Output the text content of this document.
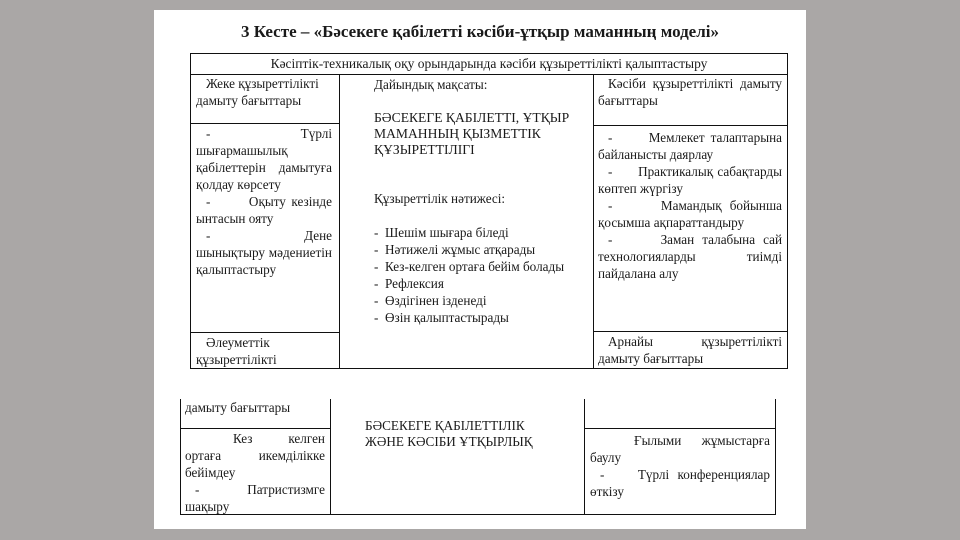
3 Кесте – «Бәсекеге қабілетті кәсіби-ұтқыр маманның моделі»
Кәсіптік-техникалық оқу орындарында кәсіби құзыреттілікті қалыптастыру
Жеке құзыреттілікті дамыту бағыттары
-       Түрлі шығармашылық қабілеттерін дамытуға қолдау көрсету
-       Оқыту кезінде ынтасын ояту
-       Дене шынықтыру мәдениетін қалыптастыру
Әлеуметтік құзыреттілікті
Дайындық мақсаты:
БӘСЕКЕГЕ ҚАБІЛЕТТІ, ҰТҚЫР МАМАННЫҢ ҚЫЗМЕТТІК ҚҰЗЫРЕТТІЛІГІ
Құзыреттілік нәтижесі:
-  Шешім шығара біледі
-  Нәтижелі жұмыс атқарады
-  Кез-келген ортаға бейім болады
-  Рефлексия
-  Өздігінен ізденеді
-  Өзін қалыптастырады
Кәсіби құзыреттілікті дамыту бағыттары
-      Мемлекет талаптарына байланысты даярлау
-      Практикалық сабақтарды көптеп жүргізу
-      Мамандық бойынша қосымша ақпараттандыру
-      Заман талабына сай технологияларды тиімді пайдалана алу
Арнайы құзыреттілікті дамыту бағыттары
дамыту бағыттары
Кез келген ортаға икемділікке бейімдеу
-        Патристизмге шақыру
БӘСЕКЕГЕ ҚАБІЛЕТТІЛІК ЖӘНЕ КӘСІБИ ҰТҚЫРЛЫҚ	Ғылыми жұмыстарға баулу
-    Түрлі конференциялар өткізу
